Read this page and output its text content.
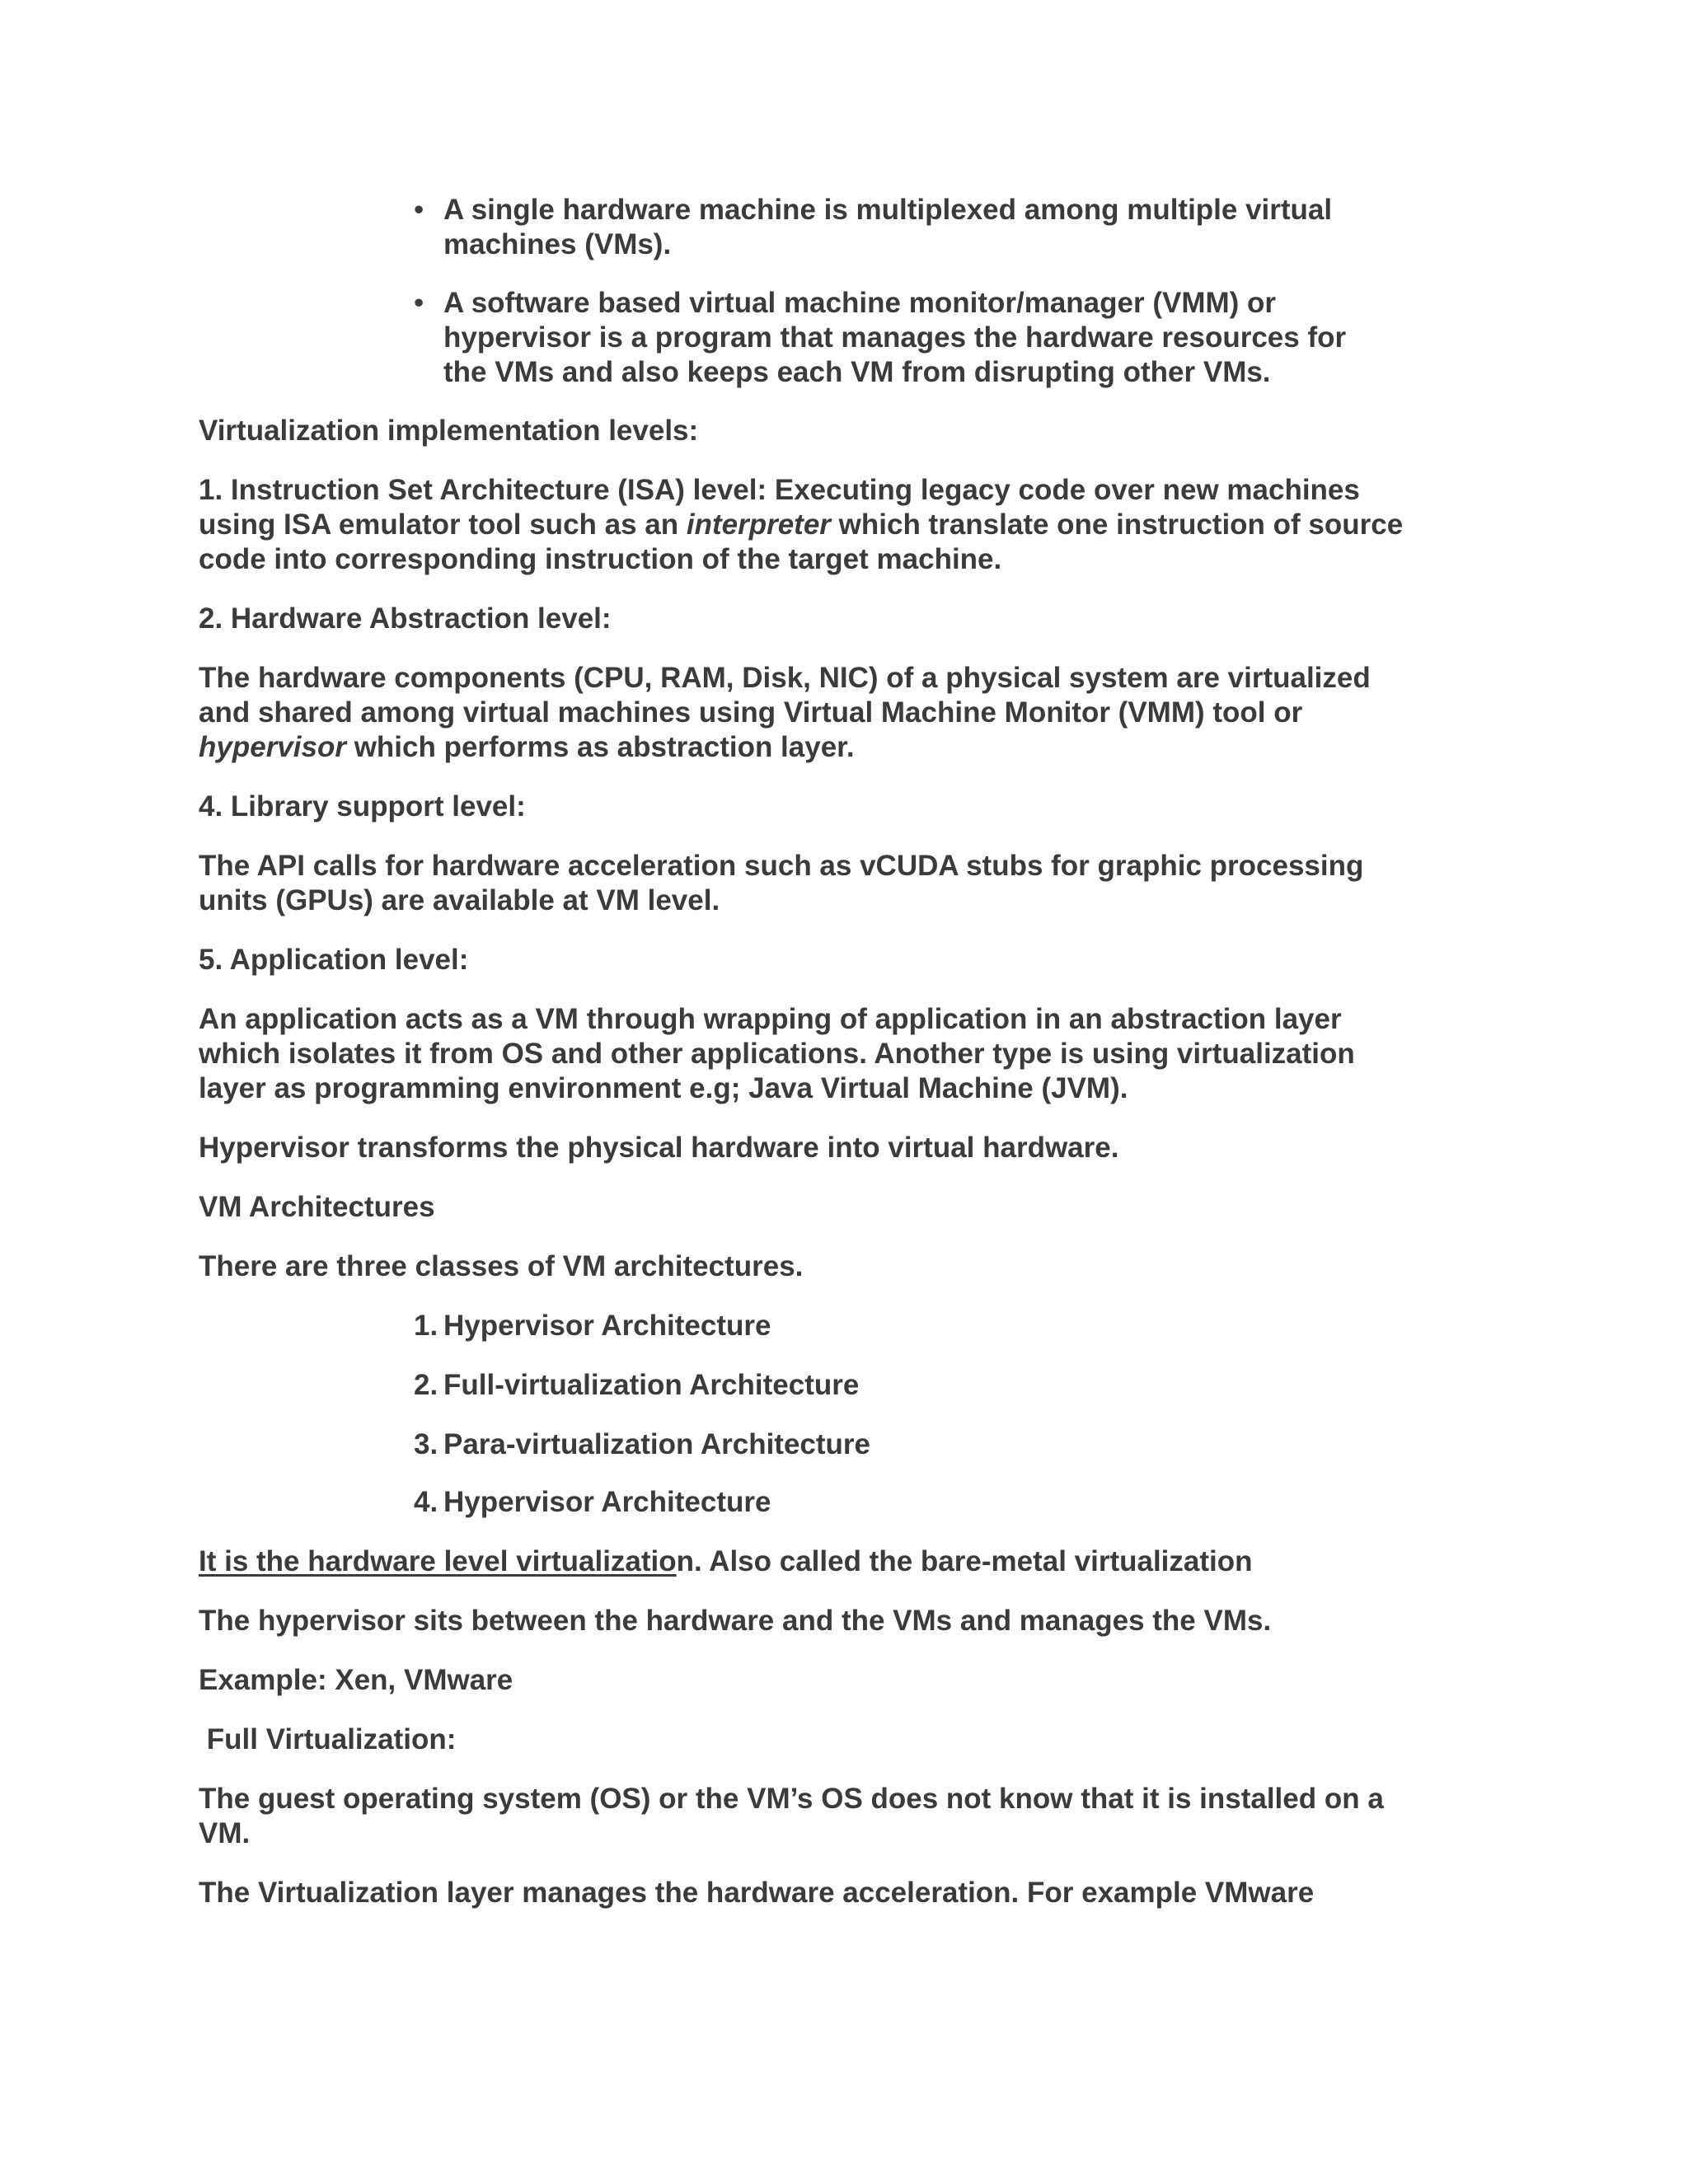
• A single hardware machine is multiplexed among multiple virtual
machines (VMs).
• A software based virtual machine monitor/manager (VMM) or
hypervisor is a program that manages the hardware resources for
the VMs and also keeps each VM from disrupting other VMs.
Virtualization implementation levels:
1. Instruction Set Architecture (ISA) level: Executing legacy code over new machines
using ISA emulator tool such as an interpreter which translate one instruction of source
code into corresponding instruction of the target machine.
2. Hardware Abstraction level:
The hardware components (CPU, RAM, Disk, NIC) of a physical system are virtualized
and shared among virtual machines using Virtual Machine Monitor (VMM) tool or
hypervisor which performs as abstraction layer.
4. Library support level:
The API calls for hardware acceleration such as vCUDA stubs for graphic processing
units (GPUs) are available at VM level.
5. Application level:
An application acts as a VM through wrapping of application in an abstraction layer
which isolates it from OS and other applications. Another type is using virtualization
layer as programming environment e.g; Java Virtual Machine (JVM).
Hypervisor transforms the physical hardware into virtual hardware.
VM Architectures
There are three classes of VM architectures.
1. Hypervisor Architecture
2. Full-virtualization Architecture
3. Para-virtualization Architecture
4. Hypervisor Architecture
It is the hardware level virtualization. Also called the bare-metal virtualization
The hypervisor sits between the hardware and the VMs and manages the VMs.
Example: Xen, VMware
Full Virtualization:
The guest operating system (OS) or the VM’s OS does not know that it is installed on a
VM.
The Virtualization layer manages the hardware acceleration. For example VMware
